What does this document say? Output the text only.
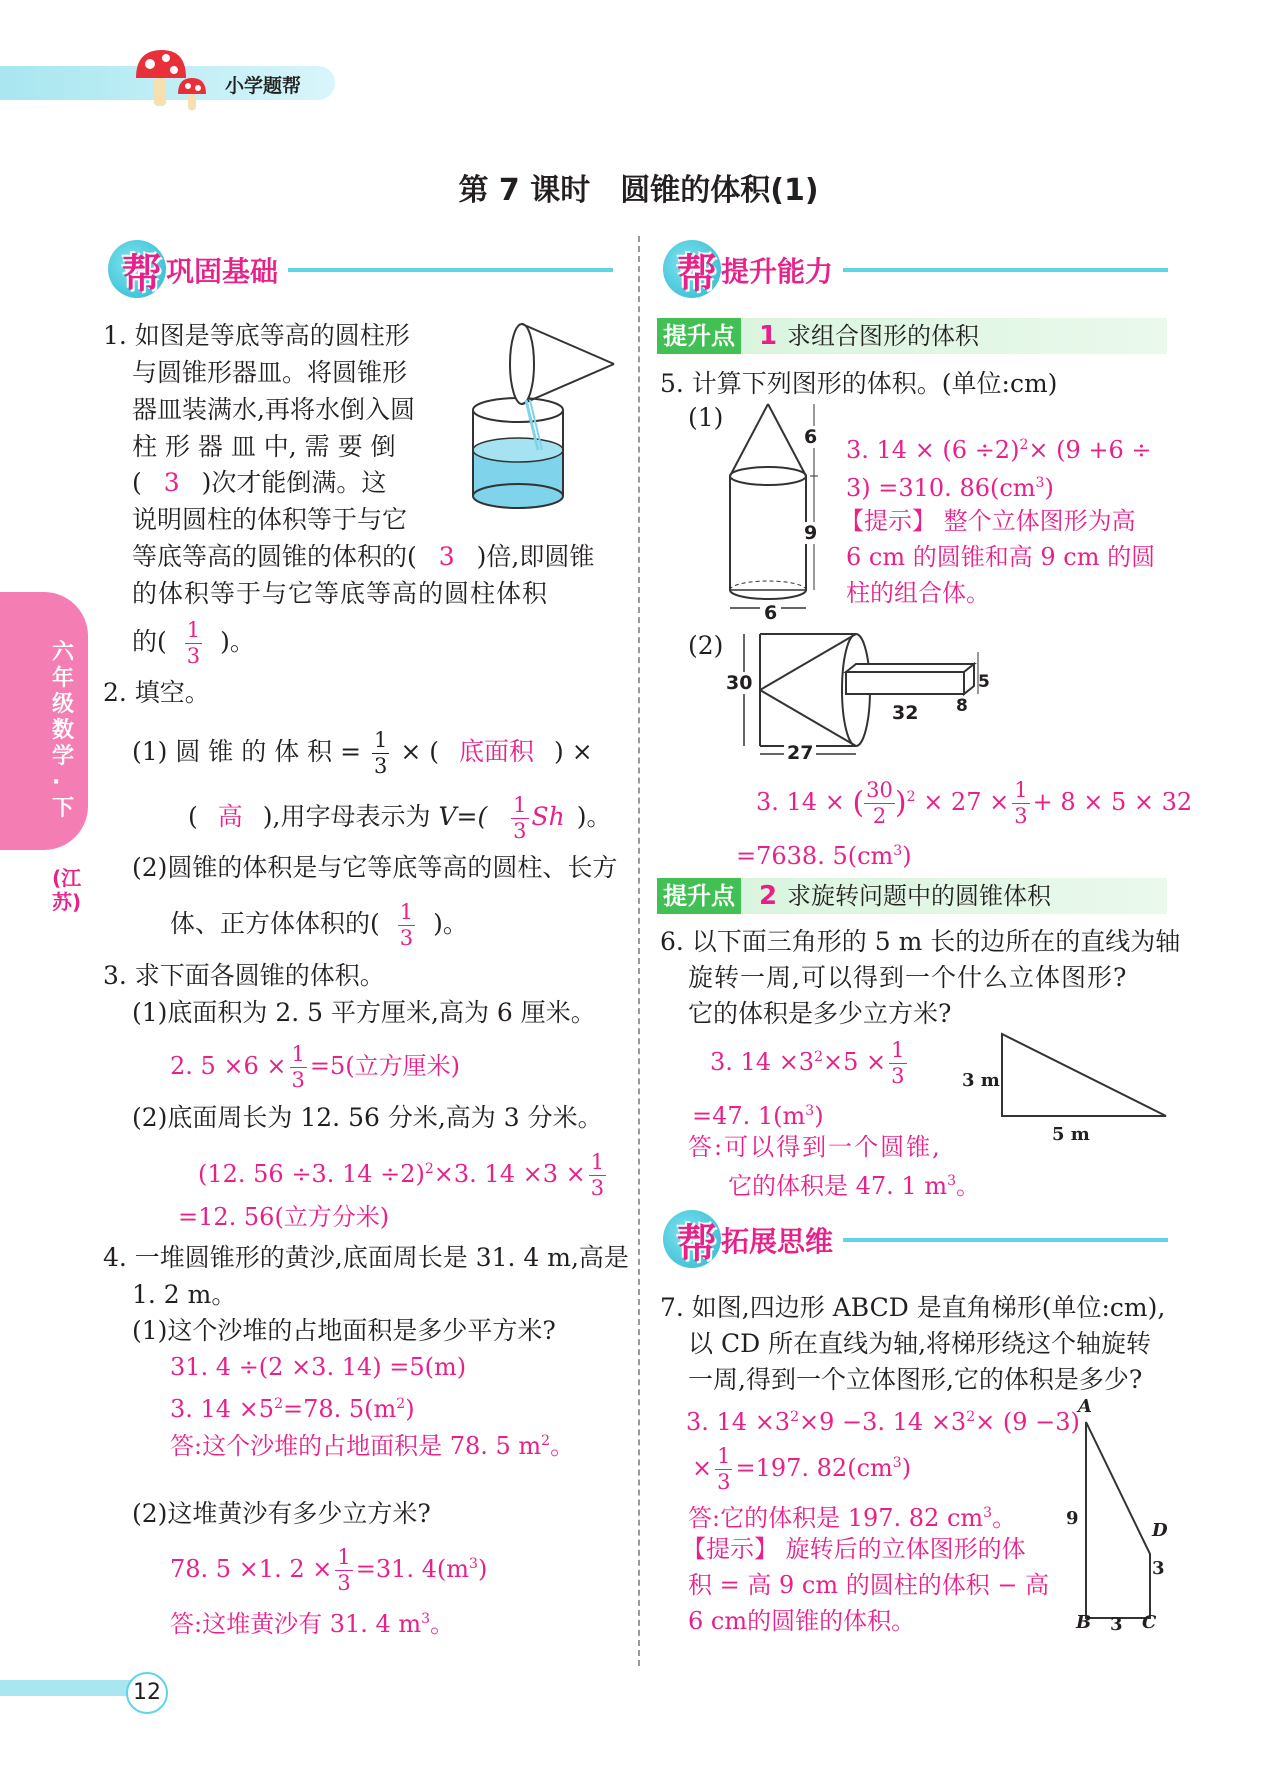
小学题帮
第 7 课时　圆锥的体积(1)
六年级数学·下
(江苏)
帮 巩固基础
1. 如图是等底等高的圆柱形
与圆锥形器皿。将圆锥形
器皿装满水,再将水倒入圆
柱 形 器 皿 中, 需 要 倒
( 3 )次才能倒满。这
说明圆柱的体积等于与它
等底等高的圆锥的体积的( 3 )倍,即圆锥
的体积等于与它等底等高的圆柱体积
的( $\frac{1}{3}$ )。
2. 填空。
(1) 圆 锥 的 体 积 = $\frac{1}{3}$ × ( 底面积 ) ×
( 高 ),用字母表示为 $V=( \frac{1}{3}$ Sh )。
(2)圆锥的体积是与它等底等高的圆柱、长方
体、正方体体积的( $\frac{1}{3}$ )。
3. 求下面各圆锥的体积。
(1)底面积为 2. 5 平方厘米,高为 6 厘米。
2. $5 \times 6 \times \frac{1}{3} =5$(立方厘米)
(2)底面周长为 12. 56 分米,高为 3 分米。
(12. 56 ÷3. 14 ÷2)$^2$×3. $14 \times 3 \times \frac{1}{3}$
=12. 56(立方分米)
4. 一堆圆锥形的黄沙,底面周长是 31. 4 m,高是
1. 2 m。
(1)这个沙堆的占地面积是多少平方米?
31. 4 ÷(2 ×3. 14) =5(m)
3. $14 \times 5^2=78$. $5(m^2)$
答:这个沙堆的占地面积是 78. 5 $m^2$。
(2)这堆黄沙有多少立方米?
78. 5 ×1. $2 \times \frac{1}{3} =31$. $4(m^3)$
答:这堆黄沙有 31. 4 $m^3$。
12
帮 提升能力
提升点 1 求组合图形的体积
5. 计算下列图形的体积。(单位:cm)
(1)
6
9
6
3. $14 \times (6 \div 2)^2\times (9 +6$ ÷
3) =310. $86(cm^3)$
【提示】 整个立体图形为高
6 cm 的圆锥和高 9 cm 的圆
柱的组合体。
(2)
30
27
32 8
5
3. 14 × ( $\frac{30}{2} )^2 \times 27 \times \frac{1}{3} + 8 \times 5 \times 32$
=7638. $5(cm^3)$
提升点 2 求旋转问题中的圆锥体积
6. 以下面三角形的 5 m 长的边所在的直线为轴
旋转一周,可以得到一个什么立体图形?
它的体积是多少立方米?
3. $14 \times 3^2\times 5 \times \frac{1}{3}$
=47. $1(m^3)$
答:可以得到一个圆锥,
它的体积是 47. 1 $m^3$。
3 m
5 m
帮 拓展思维
7. 如图,四边形 ABCD 是直角梯形(单位:cm),
以 CD 所在直线为轴,将梯形绕这个轴旋转
一周,得到一个立体图形,它的体积是多少?
3. $14 \times 3^2\times 9 -3$. $14 \times 3^2\times (9 -3)$
× $\frac{1}{3} =197$. $82(cm^3)$
答:它的体积是 197. 82 $cm^3$。
【提示】 旋转后的立体图形的体
积 = 高 9 cm 的圆柱的体积 − 高
6 cm的圆锥的体积。
A
B	C
D
9
3
3
